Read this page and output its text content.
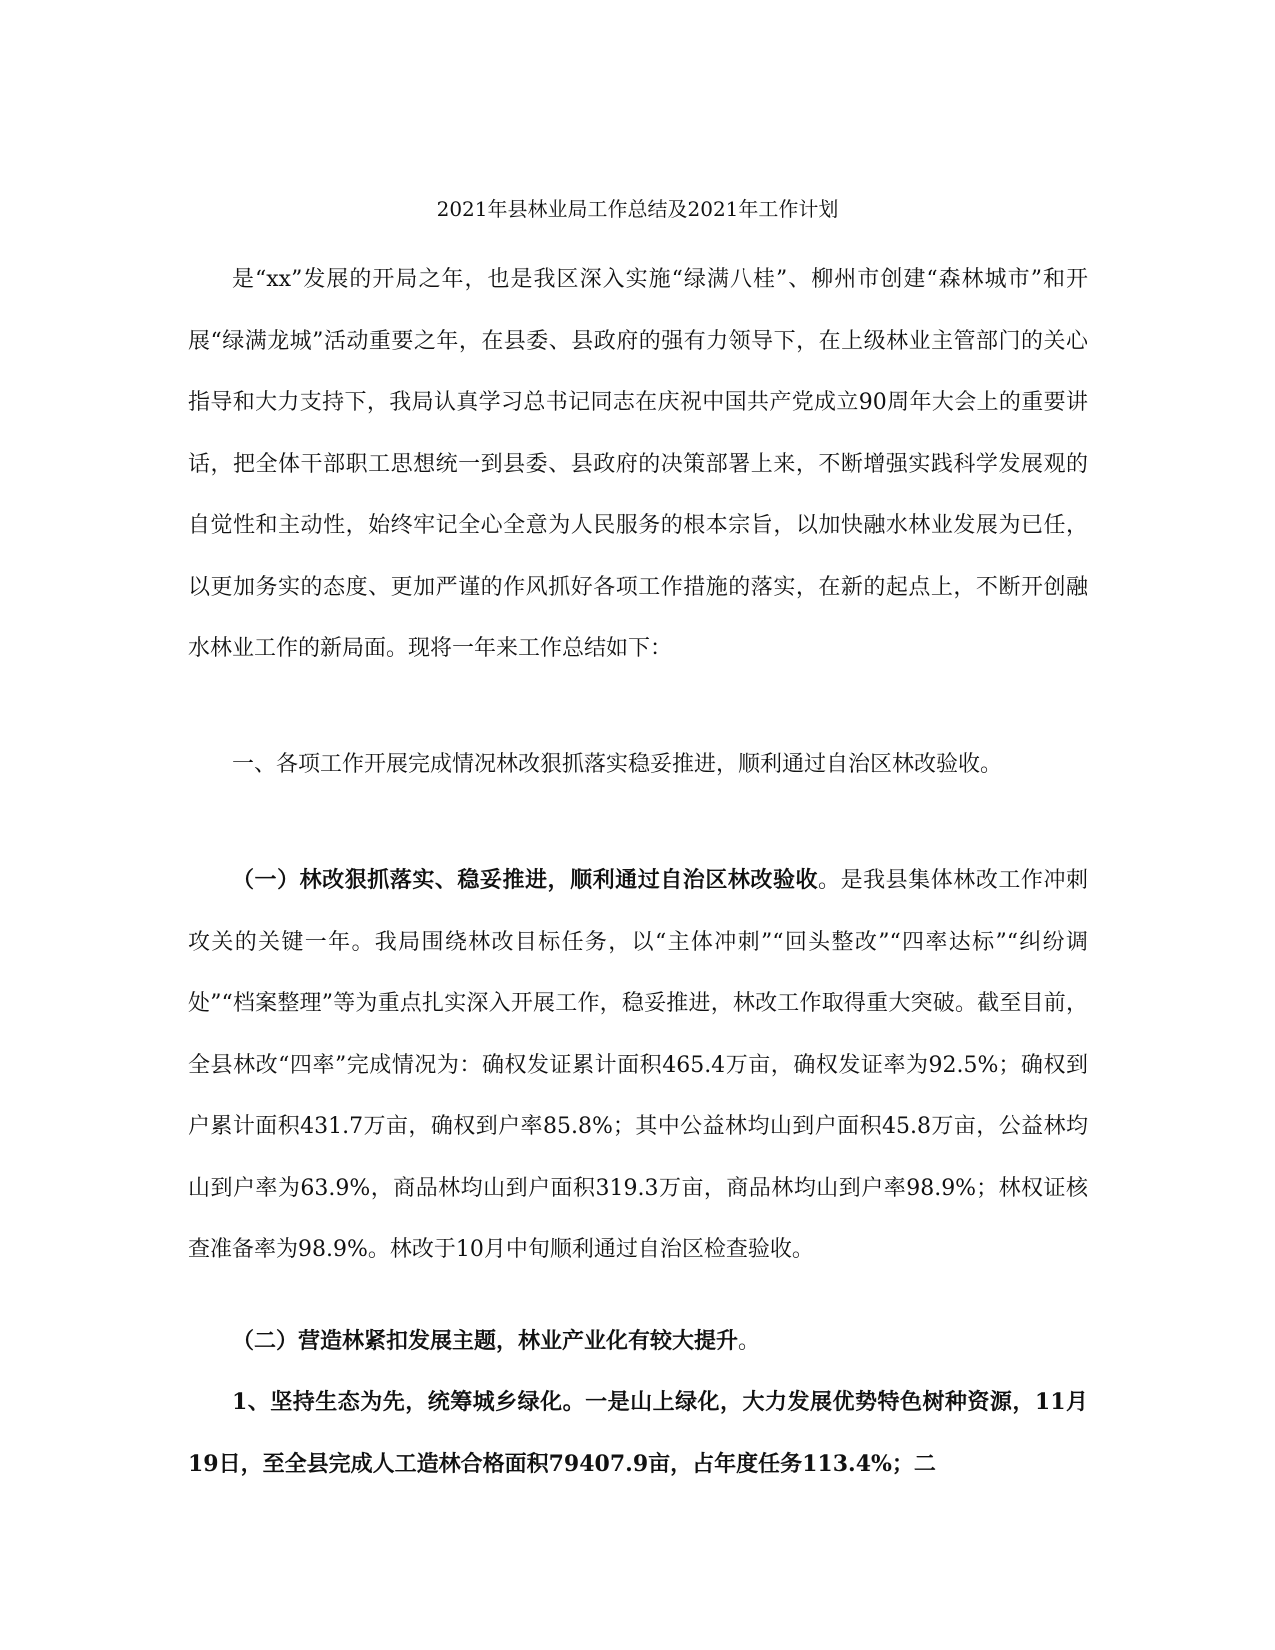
2021年县林业局工作总结及2021年工作计划

是“xx”发展的开局之年，也是我区深入实施“绿满八桂”、柳州市创建“森林城市”和开展“绿满龙城”活动重要之年，在县委、县政府的强有力领导下，在上级林业主管部门的关心指导和大力支持下，我局认真学习总书记同志在庆祝中国共产党成立90周年大会上的重要讲话，把全体干部职工思想统一到县委、县政府的决策部署上来，不断增强实践科学发展观的自觉性和主动性，始终牢记全心全意为人民服务的根本宗旨，以加快融水林业发展为已任，以更加务实的态度、更加严谨的作风抓好各项工作措施的落实，在新的起点上，不断开创融水林业工作的新局面。现将一年来工作总结如下：

一、各项工作开展完成情况林改狠抓落实稳妥推进，顺利通过自治区林改验收。

（一）林改狠抓落实、稳妥推进，顺利通过自治区林改验收。是我县集体林改工作冲刺攻关的关键一年。我局围绕林改目标任务，以“主体冲刺”“回头整改”“四率达标”“纠纷调处”“档案整理”等为重点扎实深入开展工作，稳妥推进，林改工作取得重大突破。截至目前，全县林改“四率”完成情况为：确权发证累计面积465.4万亩，确权发证率为92.5%；确权到户累计面积431.7万亩，确权到户率85.8%；其中公益林均山到户面积45.8万亩，公益林均山到户率为63.9%，商品林均山到户面积319.3万亩，商品林均山到户率98.9%；林权证核查准备率为98.9%。林改于10月中旬顺利通过自治区检查验收。

（二）营造林紧扣发展主题，林业产业化有较大提升。

1、坚持生态为先，统筹城乡绿化。一是山上绿化，大力发展优势特色树种资源，11月19日，至全县完成人工造林合格面积79407.9亩，占年度任务113.4%；二
